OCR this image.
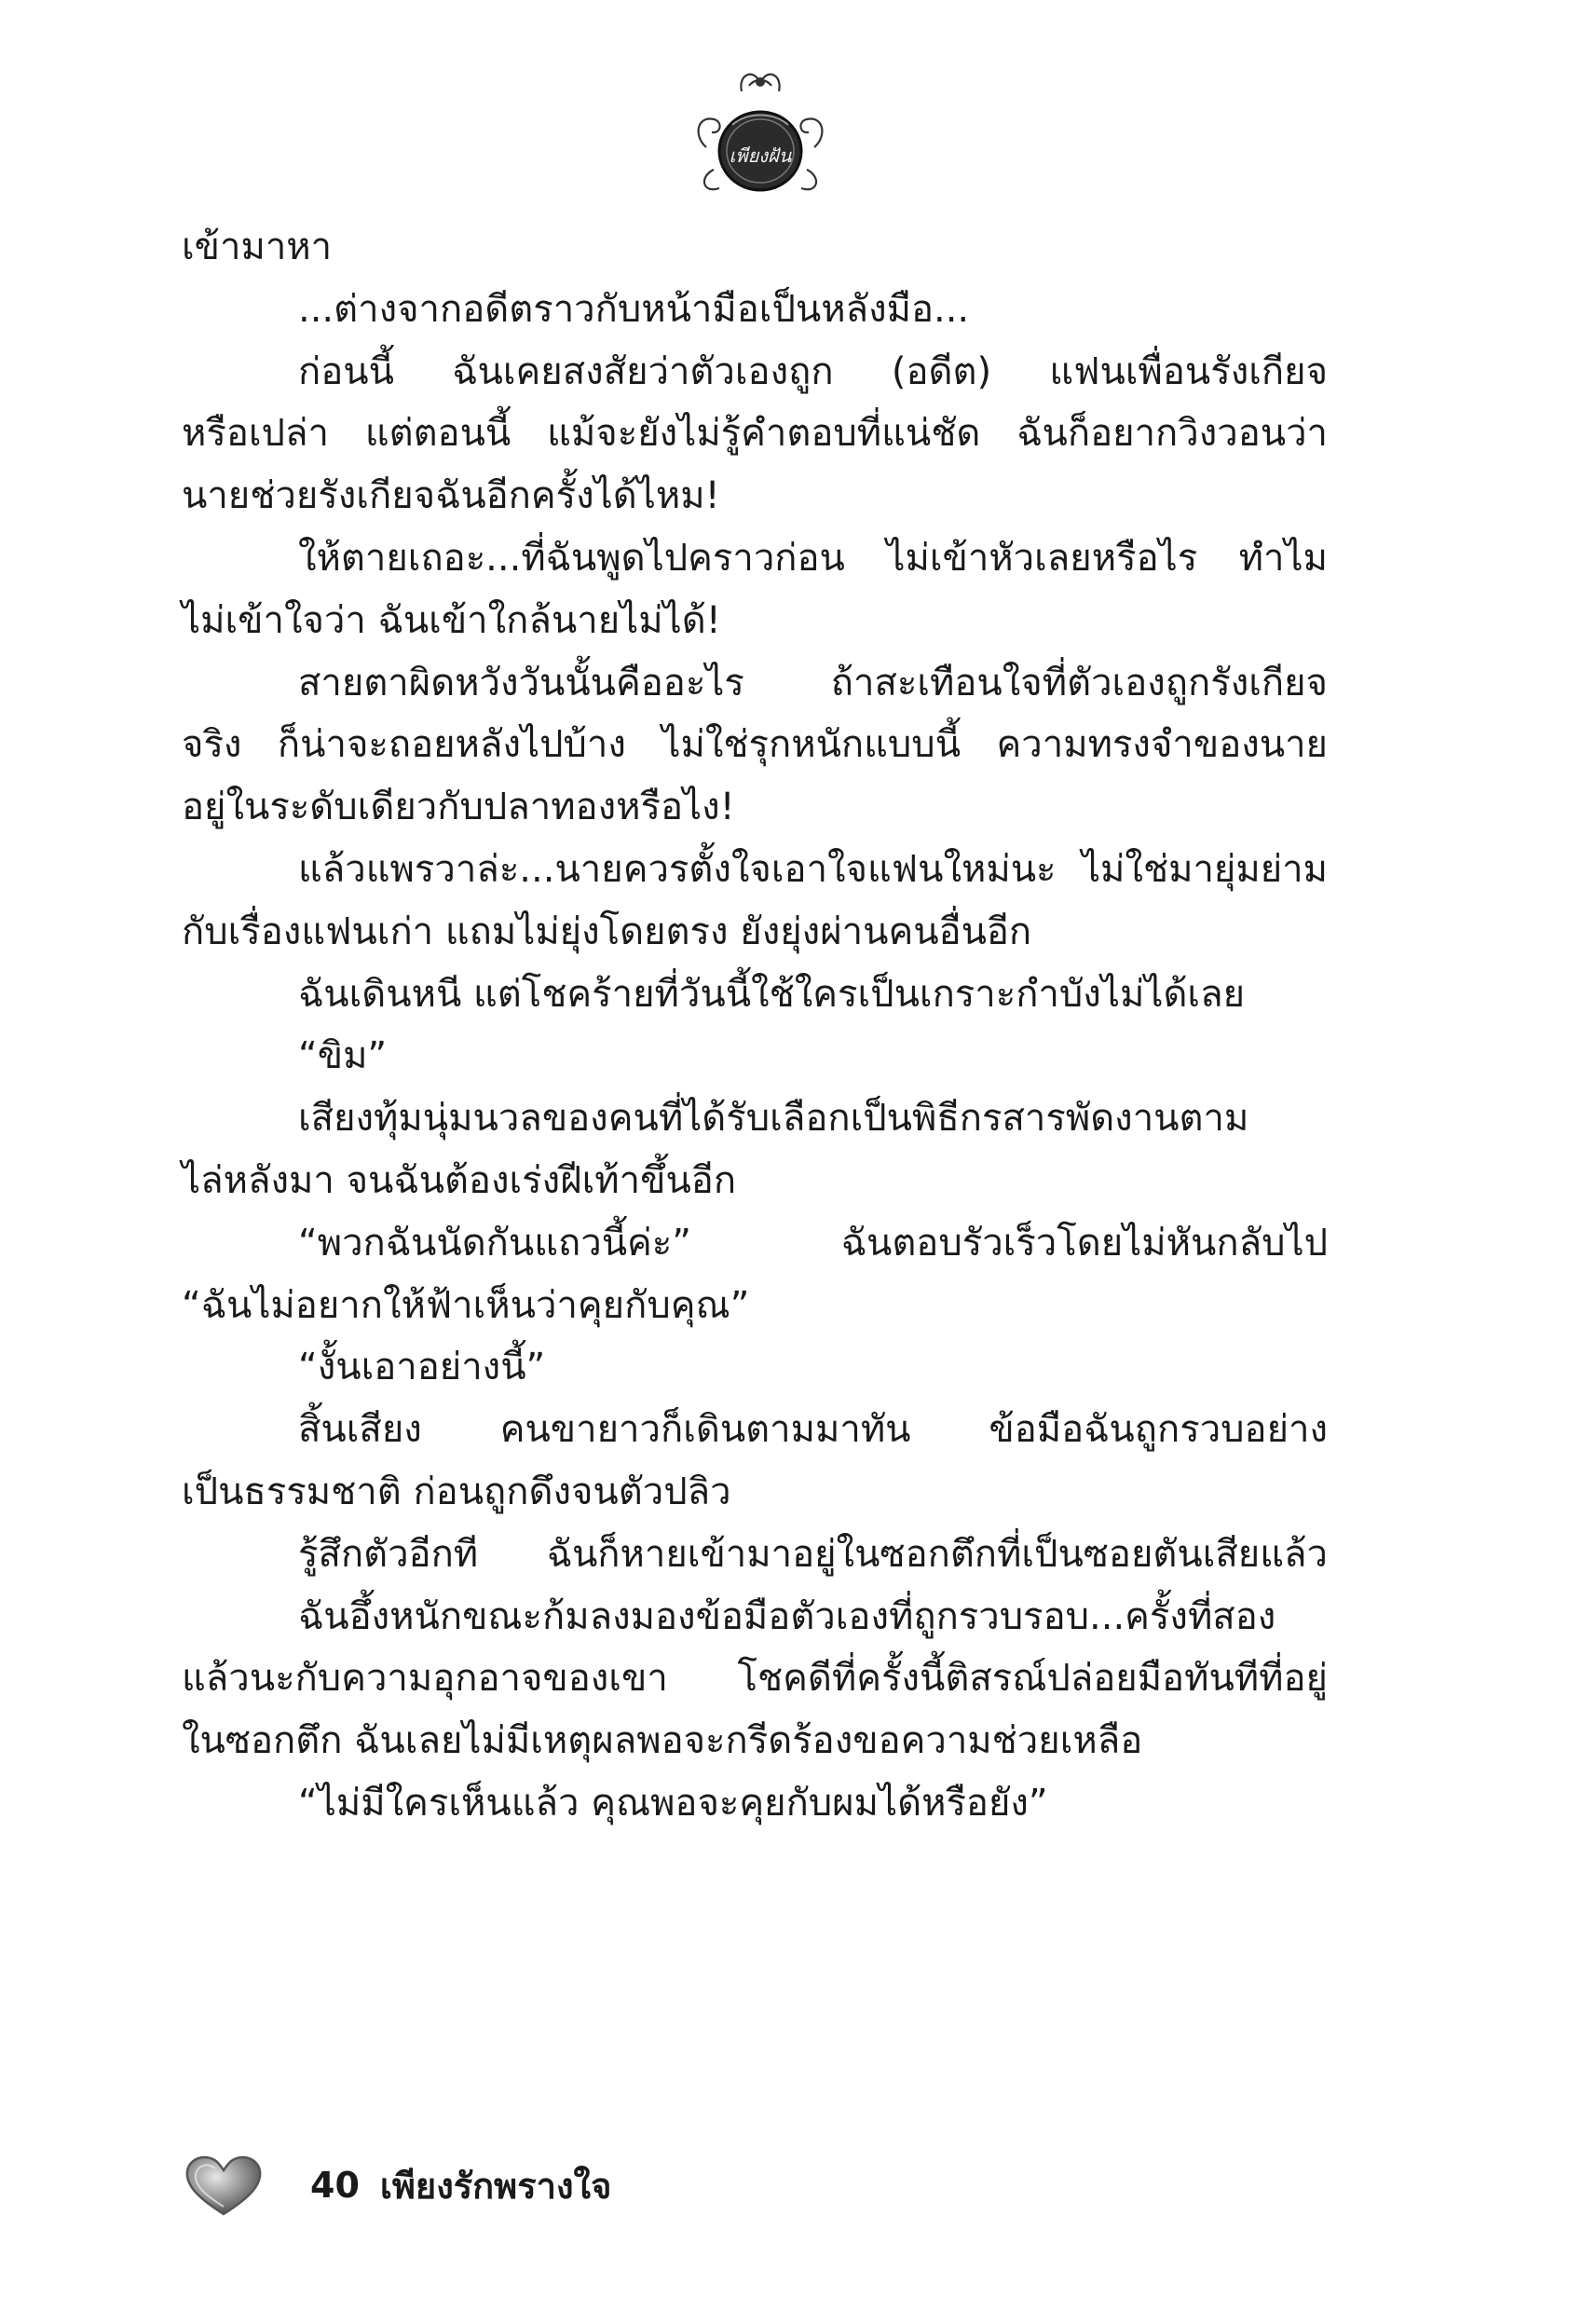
เพียงฝัน

เข้ามาหา

...ต่างจากอดีตราวกับหน้ามือเป็นหลังมือ...

ก่อนนี้ ฉันเคยสงสัยว่าตัวเองถูก (อดีต) แฟนเพื่อนรังเกียจ

หรือเปล่า แต่ตอนนี้ แม้จะยังไม่รู้คำตอบที่แน่ชัด ฉันก็อยากวิงวอนว่า

นายช่วยรังเกียจฉันอีกครั้งได้ไหม!

ให้ตายเถอะ...ที่ฉันพูดไปคราวก่อน ไม่เข้าหัวเลยหรือไร ทำไม

ไม่เข้าใจว่า ฉันเข้าใกล้นายไม่ได้!

สายตาผิดหวังวันนั้นคืออะไร ถ้าสะเทือนใจที่ตัวเองถูกรังเกียจ

จริง ก็น่าจะถอยหลังไปบ้าง ไม่ใช่รุกหนักแบบนี้ ความทรงจำของนาย

อยู่ในระดับเดียวกับปลาทองหรือไง!

แล้วแพรวาล่ะ...นายควรตั้งใจเอาใจแฟนใหม่นะ ไม่ใช่มายุ่มย่าม

กับเรื่องแฟนเก่า แถมไม่ยุ่งโดยตรง ยังยุ่งผ่านคนอื่นอีก

ฉันเดินหนี แต่โชคร้ายที่วันนี้ใช้ใครเป็นเกราะกำบังไม่ได้เลย

“ขิม”

เสียงทุ้มนุ่มนวลของคนที่ได้รับเลือกเป็นพิธีกรสารพัดงานตาม

ไล่หลังมา จนฉันต้องเร่งฝีเท้าขึ้นอีก

“พวกฉันนัดกันแถวนี้ค่ะ” ฉันตอบรัวเร็วโดยไม่หันกลับไป

“ฉันไม่อยากให้ฟ้าเห็นว่าคุยกับคุณ”

“งั้นเอาอย่างนี้”

สิ้นเสียง คนขายาวก็เดินตามมาทัน ข้อมือฉันถูกรวบอย่าง

เป็นธรรมชาติ ก่อนถูกดึงจนตัวปลิว

รู้สึกตัวอีกที ฉันก็หายเข้ามาอยู่ในซอกตึกที่เป็นซอยตันเสียแล้ว

ฉันอึ้งหนักขณะก้มลงมองข้อมือตัวเองที่ถูกรวบรอบ...ครั้งที่สอง

แล้วนะกับความอุกอาจของเขา โชคดีที่ครั้งนี้ติสรณ์ปล่อยมือทันทีที่อยู่

ในซอกตึก ฉันเลยไม่มีเหตุผลพอจะกรีดร้องขอความช่วยเหลือ

“ไม่มีใครเห็นแล้ว คุณพอจะคุยกับผมได้หรือยัง”

40 เพียงรักพรางใจ
